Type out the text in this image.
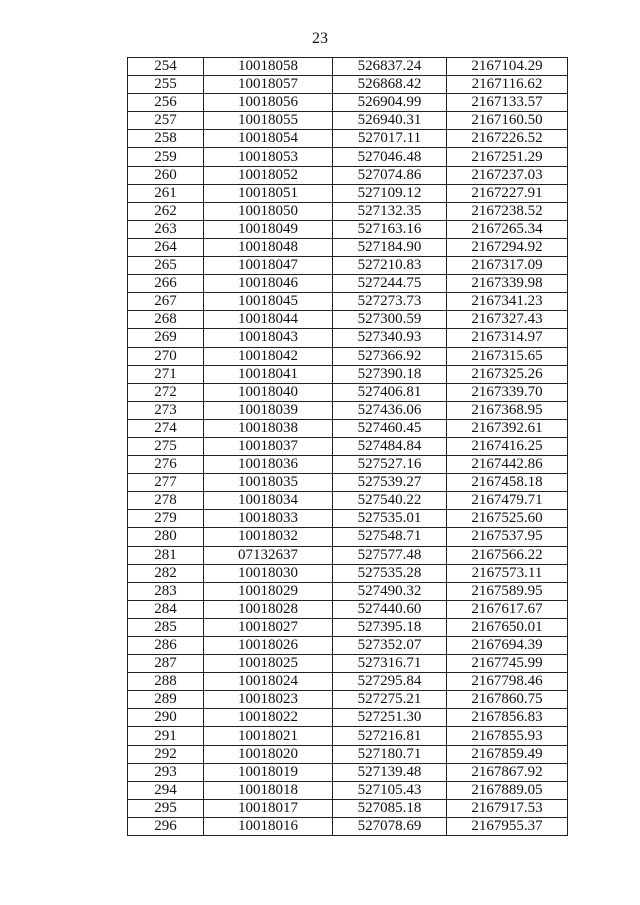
23
254	10018058	526837.24	2167104.29
255	10018057	526868.42	2167116.62
256	10018056	526904.99	2167133.57
257	10018055	526940.31	2167160.50
258	10018054	527017.11	2167226.52
259	10018053	527046.48	2167251.29
260	10018052	527074.86	2167237.03
261	10018051	527109.12	2167227.91
262	10018050	527132.35	2167238.52
263	10018049	527163.16	2167265.34
264	10018048	527184.90	2167294.92
265	10018047	527210.83	2167317.09
266	10018046	527244.75	2167339.98
267	10018045	527273.73	2167341.23
268	10018044	527300.59	2167327.43
269	10018043	527340.93	2167314.97
270	10018042	527366.92	2167315.65
271	10018041	527390.18	2167325.26
272	10018040	527406.81	2167339.70
273	10018039	527436.06	2167368.95
274	10018038	527460.45	2167392.61
275	10018037	527484.84	2167416.25
276	10018036	527527.16	2167442.86
277	10018035	527539.27	2167458.18
278	10018034	527540.22	2167479.71
279	10018033	527535.01	2167525.60
280	10018032	527548.71	2167537.95
281	07132637	527577.48	2167566.22
282	10018030	527535.28	2167573.11
283	10018029	527490.32	2167589.95
284	10018028	527440.60	2167617.67
285	10018027	527395.18	2167650.01
286	10018026	527352.07	2167694.39
287	10018025	527316.71	2167745.99
288	10018024	527295.84	2167798.46
289	10018023	527275.21	2167860.75
290	10018022	527251.30	2167856.83
291	10018021	527216.81	2167855.93
292	10018020	527180.71	2167859.49
293	10018019	527139.48	2167867.92
294	10018018	527105.43	2167889.05
295	10018017	527085.18	2167917.53
296	10018016	527078.69	2167955.37
